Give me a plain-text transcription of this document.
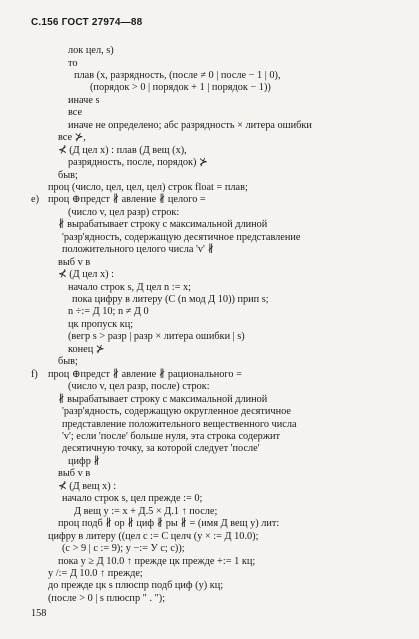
С.156 ГОСТ 27974—88
лок цел, s)
то
плав (x, разрядность, (после ≠ 0 | после − 1 | 0),
(порядок > 0 | порядок + 1 | порядок − 1))
иначе s
все
иначе не определено; абс разрядность × литера ошибки
все ⊁,
⊀ (Д цел x) : плав (Д вещ (x),
разрядность, после, порядок) ⊁
быв;
проц (число, цел, цел, цел) строк float = плав;
проц ⊕предст ∦ авление ∦ целого =
e)
(число v, цел разр) строк:
∦ вырабатывает строку с максимальной длиной
'разр'ядность, содержащую десятичное представление
положительного целого числа 'v' ∦
выб v в
⊀ (Д цел x) :
начало строк s, Д цел n := x;
пока цифру в литеру (С (n мод Д 10)) прип s;
n ÷:= Д 10; n ≠ Д 0
цк пропуск кц;
(вегр s > разр | разр × литера ошибки | s)
конец ⊁
быв;
проц ⊕предст ∦ авление ∦ рационального =
f)
(число v, цел разр, после) строк:
∦ вырабатывает строку с максимальной длиной
'разр'ядность, содержащую округленное десятичное
представление положительного вещественного числа
'v'; если 'после' больше нуля, эта строка содержит
десятичную точку, за которой следует 'после'
цифр ∦
выб v в
⊀ (Д вещ x) :
начало строк s, цел прежде := 0;
Д вещ y := x + Д.5 × Д.1 ↑ после;
проц подб ∦ ор ∦ циф ∦ ры ∦ = (имя Д вещ y) лит:
цифру в литеру ((цел c := С целч (y × := Д 10.0);
(c > 9 | c := 9); y −:= У с; с));
пока y ≥ Д 10.0 ↑ прежде цк прежде +:= 1 кц;
y /:= Д 10.0 ↑ прежде;
до прежде цк s плюспр подб циф (y) кц;
(после > 0 | s плюспр " . ");
158
